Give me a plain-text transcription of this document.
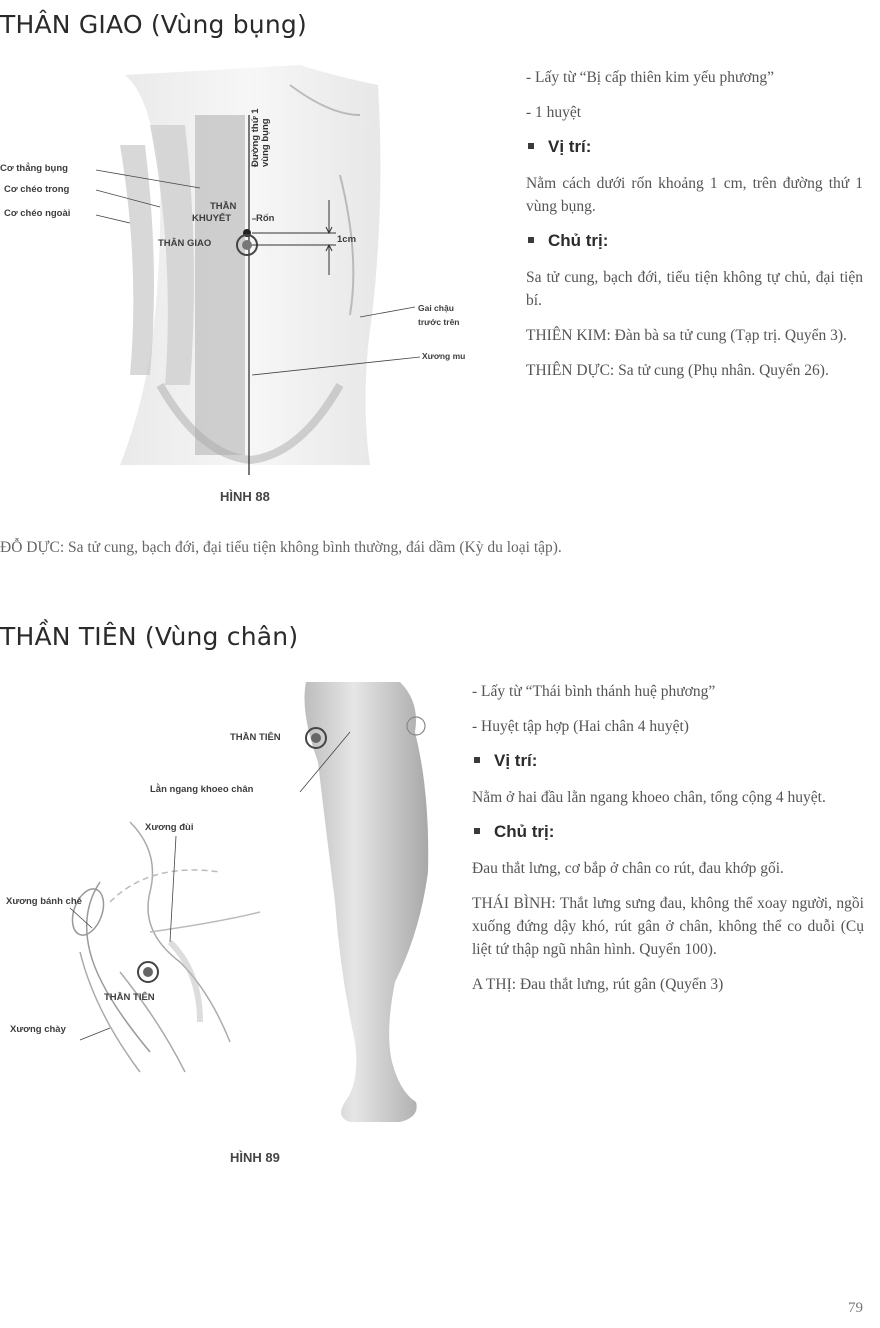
THÂN GIAO (Vùng bụng)
Đường thứ 1 vùng bụng
Cơ thẳng bụng
Cơ chéo trong
Cơ chéo ngoài
THẦN
KHUYẾT	Rốn
THÂN GIAO	1cm
Gai chậu
trước trên
Xương mu
HÌNH 88

- Lấy từ “Bị cấp thiên kim yếu phương”

- 1 huyệt

Vị trí:

Nằm cách dưới rốn khoảng 1 cm, trên đường thứ 1 vùng bụng.

Chủ trị:

Sa tử cung, bạch đới, tiểu tiện không tự chủ, đại tiện bí.

THIÊN KIM: Đàn bà sa tử cung (Tạp trị. Quyển 3).

THIÊN DỰC: Sa tử cung (Phụ nhân. Quyển 26).

ĐỖ DỰC: Sa tử cung, bạch đới, đại tiểu tiện không bình thường, đái dầm (Kỳ du loại tập).
THẦN TIÊN (Vùng chân)
THẦN TIÊN
Lằn ngang khoeo chân
Xương đùi
Xương bánh chè
THẦN TIÊN
Xương chày
HÌNH 89

- Lấy từ “Thái bình thánh huệ phương”

- Huyệt tập hợp (Hai chân 4 huyệt)

Vị trí:

Nằm ở hai đầu lằn ngang khoeo chân, tổng cộng 4 huyệt.

Chủ trị:

Đau thắt lưng, cơ bắp ở chân co rút, đau khớp gối.

THÁI BÌNH: Thắt lưng sưng đau, không thể xoay người, ngồi xuống đứng dậy khó, rút gân ở chân, không thể co duỗi (Cụ liệt tứ thập ngũ nhân hình. Quyển 100).

A THỊ: Đau thắt lưng, rút gân (Quyển 3)

79
